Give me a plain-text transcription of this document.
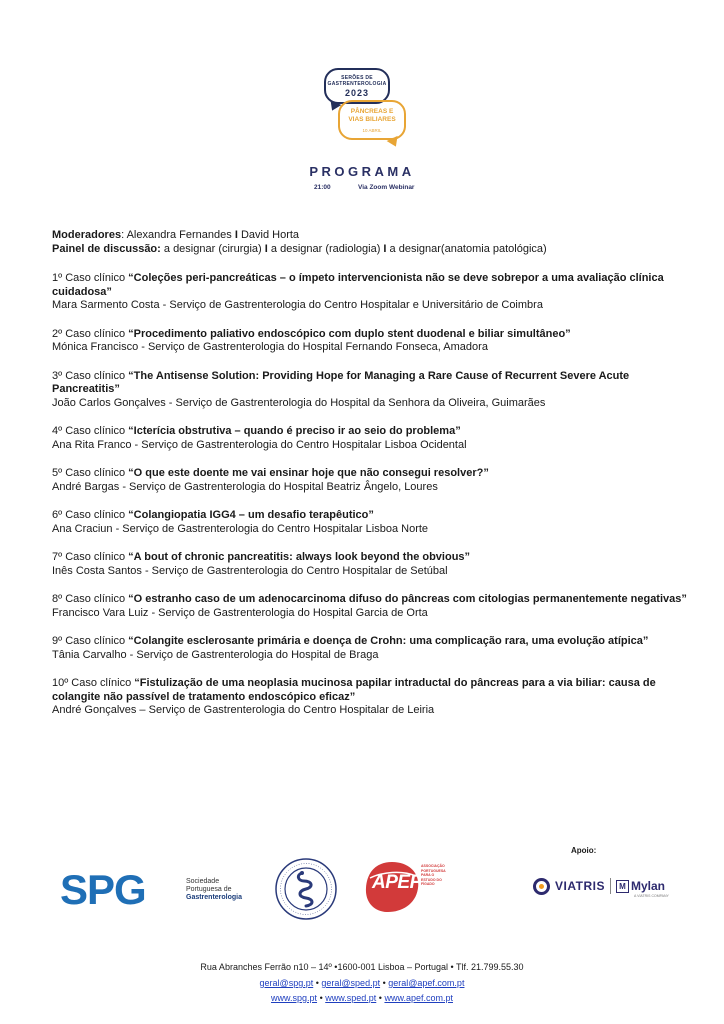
SERÕES DE
GASTRENTEROLOGIA
2023
PÂNCREAS E
VIAS BILIARES
10 ABRIL
PROGRAMA
21:00	Via Zoom Webinar
Moderadores: Alexandra Fernandes I David Horta
Painel de discussão: a designar (cirurgia) I a designar (radiologia) I a designar(anatomia patológica)
1º Caso clínico “Coleções peri-pancreáticas – o ímpeto intervencionista não se deve sobrepor a uma avaliação clínica cuidadosa”
Mara Sarmento Costa - Serviço de Gastrenterologia do Centro Hospitalar e Universitário de Coimbra
2º Caso clínico “Procedimento paliativo endoscópico com duplo stent duodenal e biliar simultâneo”
Mónica Francisco - Serviço de Gastrenterologia do Hospital Fernando Fonseca, Amadora
3º Caso clínico “The Antisense Solution: Providing Hope for Managing a Rare Cause of Recurrent Severe Acute Pancreatitis”
João Carlos Gonçalves - Serviço de Gastrenterologia do Hospital da Senhora da Oliveira, Guimarães
4º Caso clínico “Icterícia obstrutiva – quando é preciso ir ao seio do problema”
Ana Rita Franco - Serviço de Gastrenterologia do Centro Hospitalar Lisboa Ocidental
5º Caso clínico “O que este doente me vai ensinar hoje que não consegui resolver?”
André Bargas - Serviço de Gastrenterologia do Hospital Beatriz Ângelo, Loures
6º Caso clínico “Colangiopatia IGG4 – um desafio terapêutico”
Ana Craciun - Serviço de Gastrenterologia do Centro Hospitalar Lisboa Norte
7º Caso clínico “A bout of chronic pancreatitis: always look beyond the obvious”
Inês Costa Santos - Serviço de Gastrenterologia do Centro Hospitalar de Setúbal
8º Caso clínico “O estranho caso de um adenocarcinoma difuso do pâncreas com citologias permanentemente negativas”
Francisco Vara Luiz - Serviço de Gastrenterologia do Hospital Garcia de Orta
9º Caso clínico “Colangite esclerosante primária e doença de Crohn: uma complicação rara, uma evolução atípica”
Tânia Carvalho - Serviço de Gastrenterologia do Hospital de Braga
10º Caso clínico “Fistulização de uma neoplasia mucinosa papilar intraductal do pâncreas para a via biliar: causa de colangite não passível de tratamento endoscópico eficaz”
André Gonçalves – Serviço de Gastrenterologia do Centro Hospitalar de Leiria
Apoio:
SPG	Sociedade
Portuguesa de
Gastrenterologia
APEF
ASSOCIAÇÃO PORTUGUESA PARA O ESTUDO DO FÍGADO	VIATRIS	M Mylan
A VIATRIS COMPANY
Rua Abranches Ferrão n10 – 14º •1600-001 Lisboa – Portugal • Tlf. 21.799.55.30
geral@spg.pt • geral@sped.pt • geral@apef.com.pt
www.spg.pt • www.sped.pt • www.apef.com.pt
